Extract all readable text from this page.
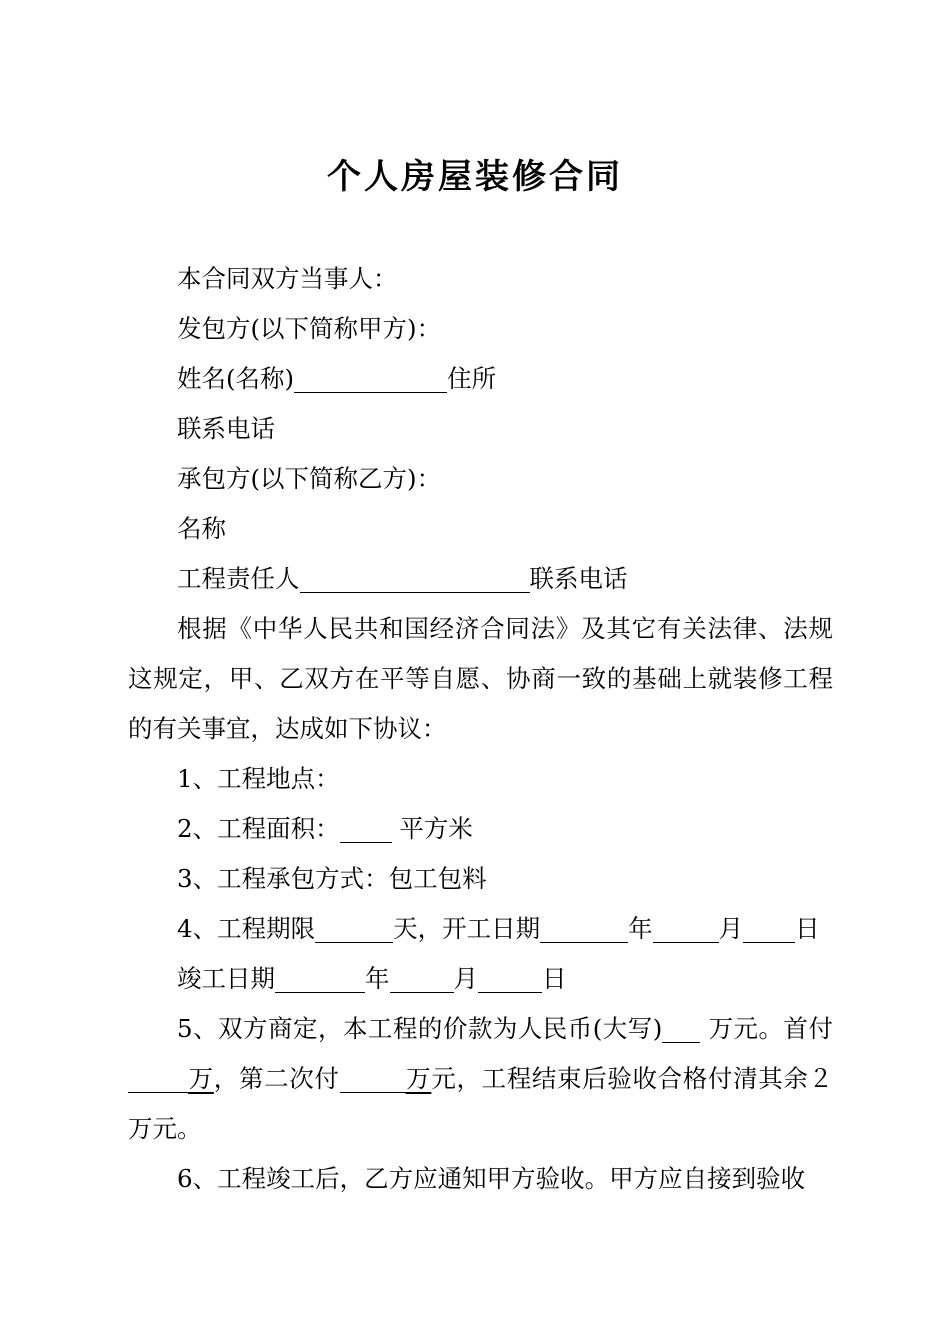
个人房屋装修合同

本合同双方当事人：

发包方(以下简称甲方)：

姓名(名称)	住所

联系电话

承包方(以下简称乙方)：

名称

工程责任人	联系电话

根据《中华人民共和国经济合同法》及其它有关法律、法规这规定，甲、乙双方在平等自愿、协商一致的基础上就装修工程的有关事宜，达成如下协议：

1、工程地点：

2、工程面积： 平方米

3、工程承包方式：包工包料

4、工程期限	天，开工日期	年	月 日

竣工日期	年	月	日

5、双方商定，本工程的价款为人民币(大写) 万元。首付万，第二次付	万元，工程结束后验收合格付清其余２万元。

6、工程竣工后，乙方应通知甲方验收。甲方应自接到验收
